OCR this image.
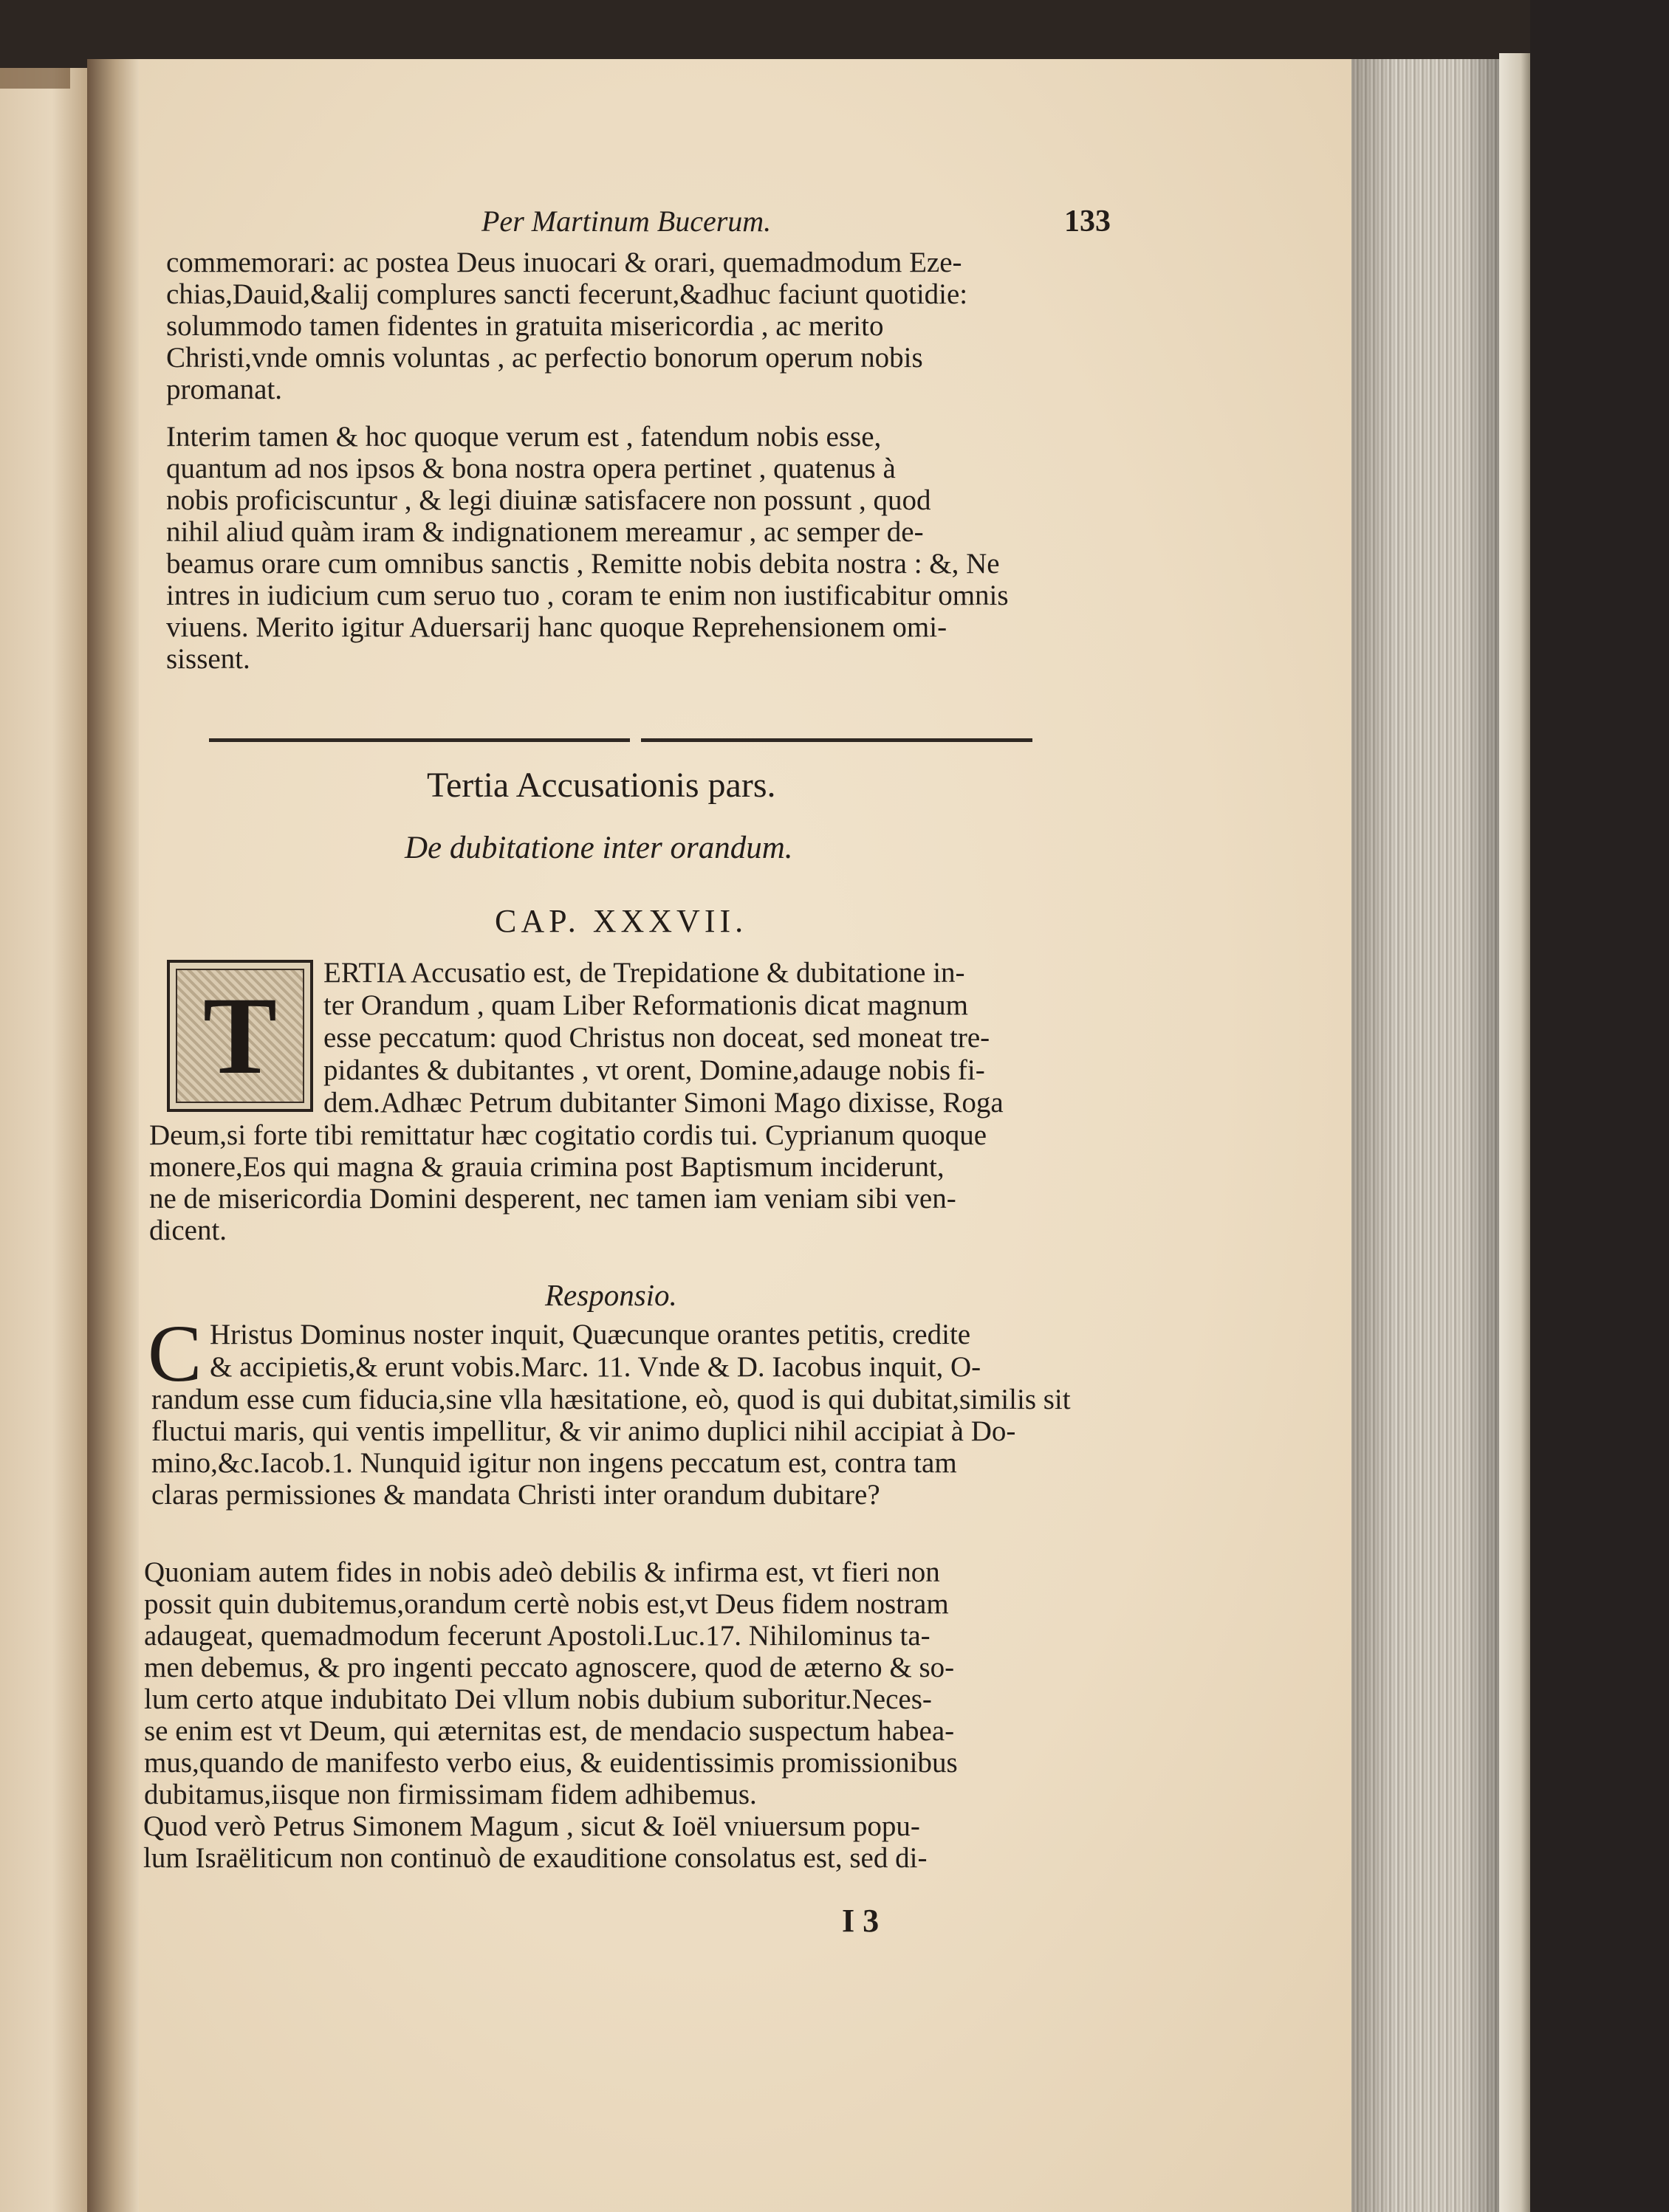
Per Martinum Bucerum.	133
commemorari: ac postea Deus inuocari & orari, quemadmodum Eze-
chias,Dauid,&alij complures sancti fecerunt,&adhuc faciunt quotidie:
solummodo tamen fidentes in gratuita misericordia , ac merito
Christi,vnde omnis voluntas , ac perfectio bonorum operum nobis
promanat.
Interim tamen & hoc quoque verum est , fatendum nobis esse,
quantum ad nos ipsos & bona nostra opera pertinet , quatenus à
nobis proficiscuntur , & legi diuinæ satisfacere non possunt , quod
nihil aliud quàm iram & indignationem mereamur , ac semper de-
beamus orare cum omnibus sanctis , Remitte nobis debita nostra : &, Ne
intres in iudicium cum seruo tuo , coram te enim non iustificabitur omnis
viuens. Merito igitur Aduersarij hanc quoque Reprehensionem omi-
sissent.
Tertia Accusationis pars.
De dubitatione inter orandum.
CAP. XXXVII.
T
ERTIA Accusatio est, de Trepidatione & dubitatione in-
ter Orandum , quam Liber Reformationis dicat magnum
esse peccatum: quod Christus non doceat, sed moneat tre-
pidantes & dubitantes , vt orent, Domine,adauge nobis fi-
dem.Adhæc Petrum dubitanter Simoni Mago dixisse, Roga
Deum,si forte tibi remittatur hæc cogitatio cordis tui. Cyprianum quoque
monere,Eos qui magna & grauia crimina post Baptismum inciderunt,
ne de misericordia Domini desperent, nec tamen iam veniam sibi ven-
dicent.
Responsio.
C Hristus Dominus noster inquit, Quæcunque orantes petitis, credite
& accipietis,& erunt vobis.Marc. 11. Vnde & D. Iacobus inquit, O-
randum esse cum fiducia,sine vlla hæsitatione, eò, quod is qui dubitat,similis sit
fluctui maris, qui ventis impellitur, & vir animo duplici nihil accipiat à Do-
mino,&c.Iacob.1. Nunquid igitur non ingens peccatum est, contra tam
claras permissiones & mandata Christi inter orandum dubitare?
Quoniam autem fides in nobis adeò debilis & infirma est, vt fieri non
possit quin dubitemus,orandum certè nobis est,vt Deus fidem nostram
adaugeat, quemadmodum fecerunt Apostoli.Luc.17. Nihilominus ta-
men debemus, & pro ingenti peccato agnoscere, quod de æterno & so-
lum certo atque indubitato Dei vllum nobis dubium suboritur.Neces-
se enim est vt Deum, qui æternitas est, de mendacio suspectum habea-
mus,quando de manifesto verbo eius, & euidentissimis promissionibus
dubitamus,iisque non firmissimam fidem adhibemus.
Quod verò Petrus Simonem Magum , sicut & Ioël vniuersum popu-
lum Israëliticum non continuò de exauditione consolatus est, sed di-
I 3
